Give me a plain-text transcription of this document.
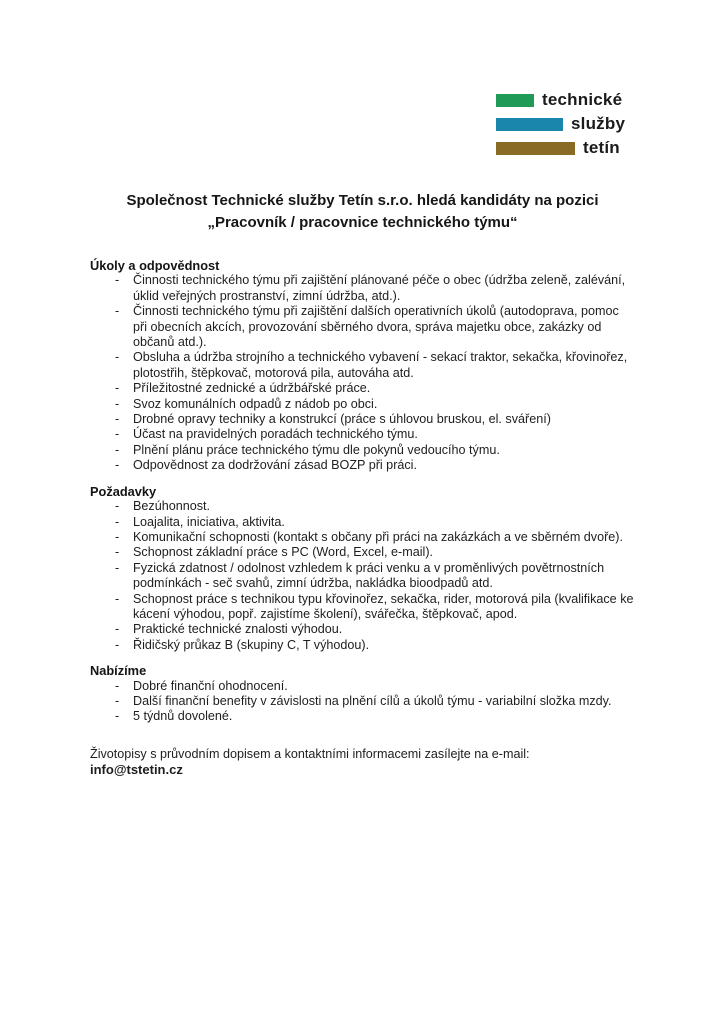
technické
služby
tetín
Společnost Technické služby Tetín s.r.o. hledá kandidáty na pozici
„Pracovník / pracovnice technického týmu“
Úkoly a odpovědnost
-	Činnosti technického týmu při zajištění plánované péče o obec (údržba zeleně, zalévání, úklid veřejných prostranství, zimní údržba, atd.).
-	Činnosti technického týmu při zajištění dalších operativních úkolů (autodoprava, pomoc při obecních akcích, provozování sběrného dvora, správa majetku obce, zakázky od občanů atd.).
-	Obsluha a údržba strojního a technického vybavení - sekací traktor, sekačka, křovinořez, plotostřih, štěpkovač, motorová pila, autováha atd.
-	Příležitostné zednické a údržbářské práce.
-	Svoz komunálních odpadů z nádob po obci.
-	Drobné opravy techniky a konstrukcí (práce s úhlovou bruskou, el. sváření)
-	Účast na pravidelných poradách technického týmu.
-	Plnění plánu práce technického týmu dle pokynů vedoucího týmu.
-	Odpovědnost za dodržování zásad BOZP při práci.
Požadavky
-	Bezúhonnost.
-	Loajalita, iniciativa, aktivita.
-	Komunikační schopnosti (kontakt s občany při práci na zakázkách a ve sběrném dvoře).
-	Schopnost základní práce s PC (Word, Excel, e-mail).
-	Fyzická zdatnost / odolnost vzhledem k práci venku a v proměnlivých povětrnostních podmínkách - seč svahů, zimní údržba, nakládka bioodpadů atd.
-	Schopnost práce s technikou typu křovinořez, sekačka, rider, motorová pila (kvalifikace ke kácení výhodou, popř. zajistíme školení), svářečka, štěpkovač, apod.
-	Praktické technické znalosti výhodou.
-	Řidičský průkaz B (skupiny C, T výhodou).
Nabízíme
-	Dobré finanční ohodnocení.
-	Další finanční benefity v závislosti na plnění cílů a úkolů týmu - variabilní složka mzdy.
-	5 týdnů dovolené.
Životopisy s průvodním dopisem a kontaktními informacemi zasílejte na e-mail:
info@tstetin.cz
